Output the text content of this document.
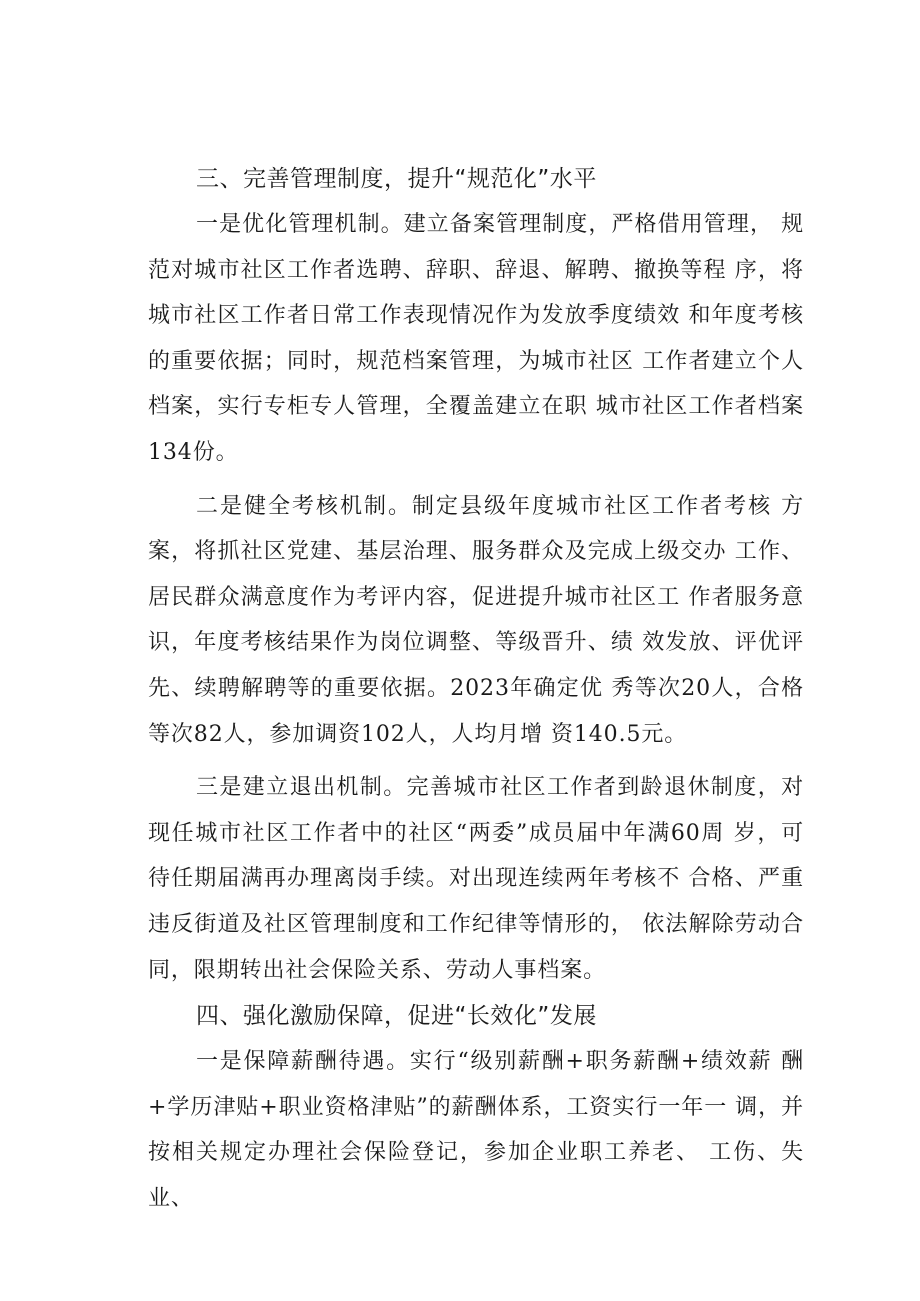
三、完善管理制度，提升“规范化”水平

一是优化管理机制。建立备案管理制度，严格借用管理， 规范对城市社区工作者选聘、辞职、辞退、解聘、撤换等程 序，将城市社区工作者日常工作表现情况作为发放季度绩效 和年度考核的重要依据；同时，规范档案管理，为城市社区 工作者建立个人档案，实行专柜专人管理，全覆盖建立在职 城市社区工作者档案134份。

二是健全考核机制。制定县级年度城市社区工作者考核 方案，将抓社区党建、基层治理、服务群众及完成上级交办 工作、居民群众满意度作为考评内容，促进提升城市社区工 作者服务意识，年度考核结果作为岗位调整、等级晋升、绩 效发放、评优评先、续聘解聘等的重要依据。2023年确定优 秀等次20人，合格等次82人，参加调资102人，人均月增 资140.5元。

三是建立退出机制。完善城市社区工作者到龄退休制度，对现任城市社区工作者中的社区“两委”成员届中年满60周 岁，可待任期届满再办理离岗手续。对出现连续两年考核不 合格、严重违反街道及社区管理制度和工作纪律等情形的， 依法解除劳动合同，限期转出社会保险关系、劳动人事档案。

四、强化激励保障，促进“长效化”发展

一是保障薪酬待遇。实行“级别薪酬+职务薪酬+绩效薪 酬+学历津贴+职业资格津贴”的薪酬体系，工资实行一年一 调，并按相关规定办理社会保险登记，参加企业职工养老、 工伤、失业、
